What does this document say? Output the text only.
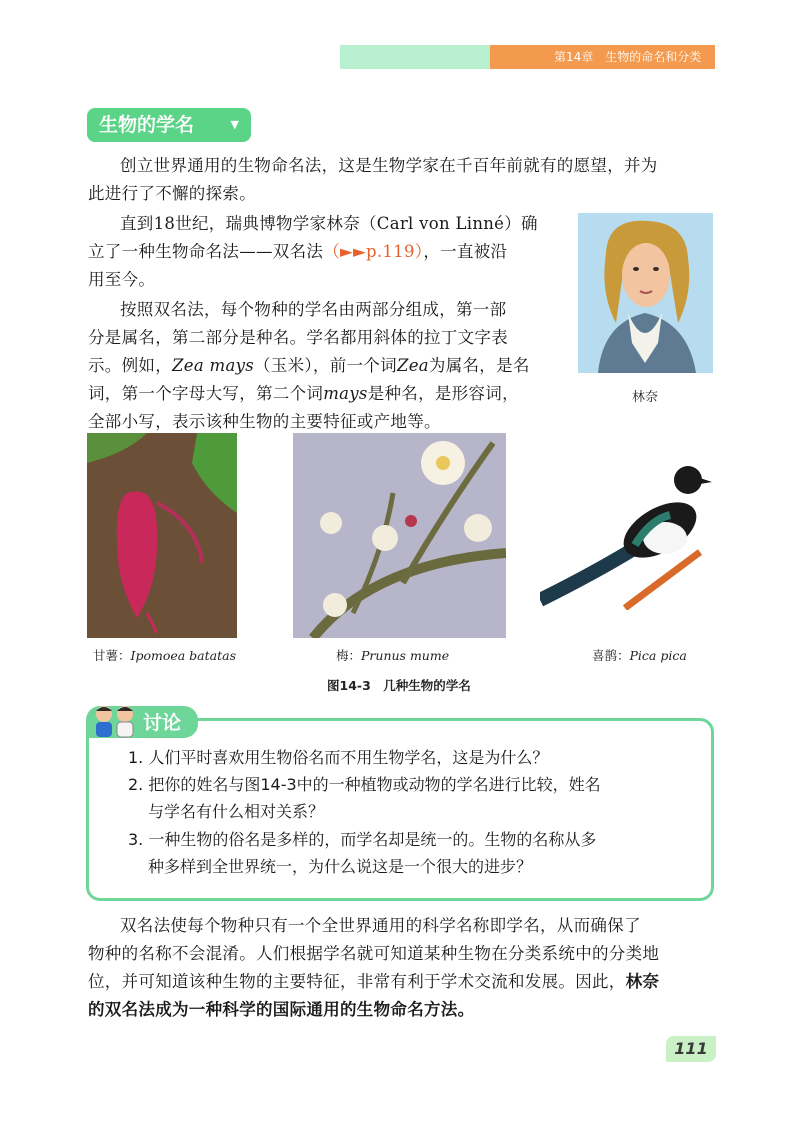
第14章　生物的命名和分类
生物的学名	▼
创立世界通用的生物命名法，这是生物学家在千百年前就有的愿望，并为
此进行了不懈的探索。
直到18世纪，瑞典博物学家林奈（Carl von Linné）确
立了一种生物命名法——双名法（►►p.119），一直被沿
用至今。
按照双名法，每个物种的学名由两部分组成，第一部
分是属名，第二部分是种名。学名都用斜体的拉丁文字表
示。例如，Zea mays（玉米），前一个词Zea为属名，是名
词，第一个字母大写，第二个词mays是种名，是形容词，
全部小写，表示该种生物的主要特征或产地等。
林奈
甘薯：Ipomoea batatas	梅：Prunus mume	喜鹊：Pica pica
图14-3　几种生物的学名
讨论
1. 人们平时喜欢用生物俗名而不用生物学名，这是为什么？
2. 把你的姓名与图14-3中的一种植物或动物的学名进行比较，姓名
与学名有什么相对关系？
3. 一种生物的俗名是多样的，而学名却是统一的。生物的名称从多
种多样到全世界统一，为什么说这是一个很大的进步？
双名法使每个物种只有一个全世界通用的科学名称即学名，从而确保了
物种的名称不会混淆。人们根据学名就可知道某种生物在分类系统中的分类地
位，并可知道该种生物的主要特征，非常有利于学术交流和发展。因此，林奈
的双名法成为一种科学的国际通用的生物命名方法。
111
